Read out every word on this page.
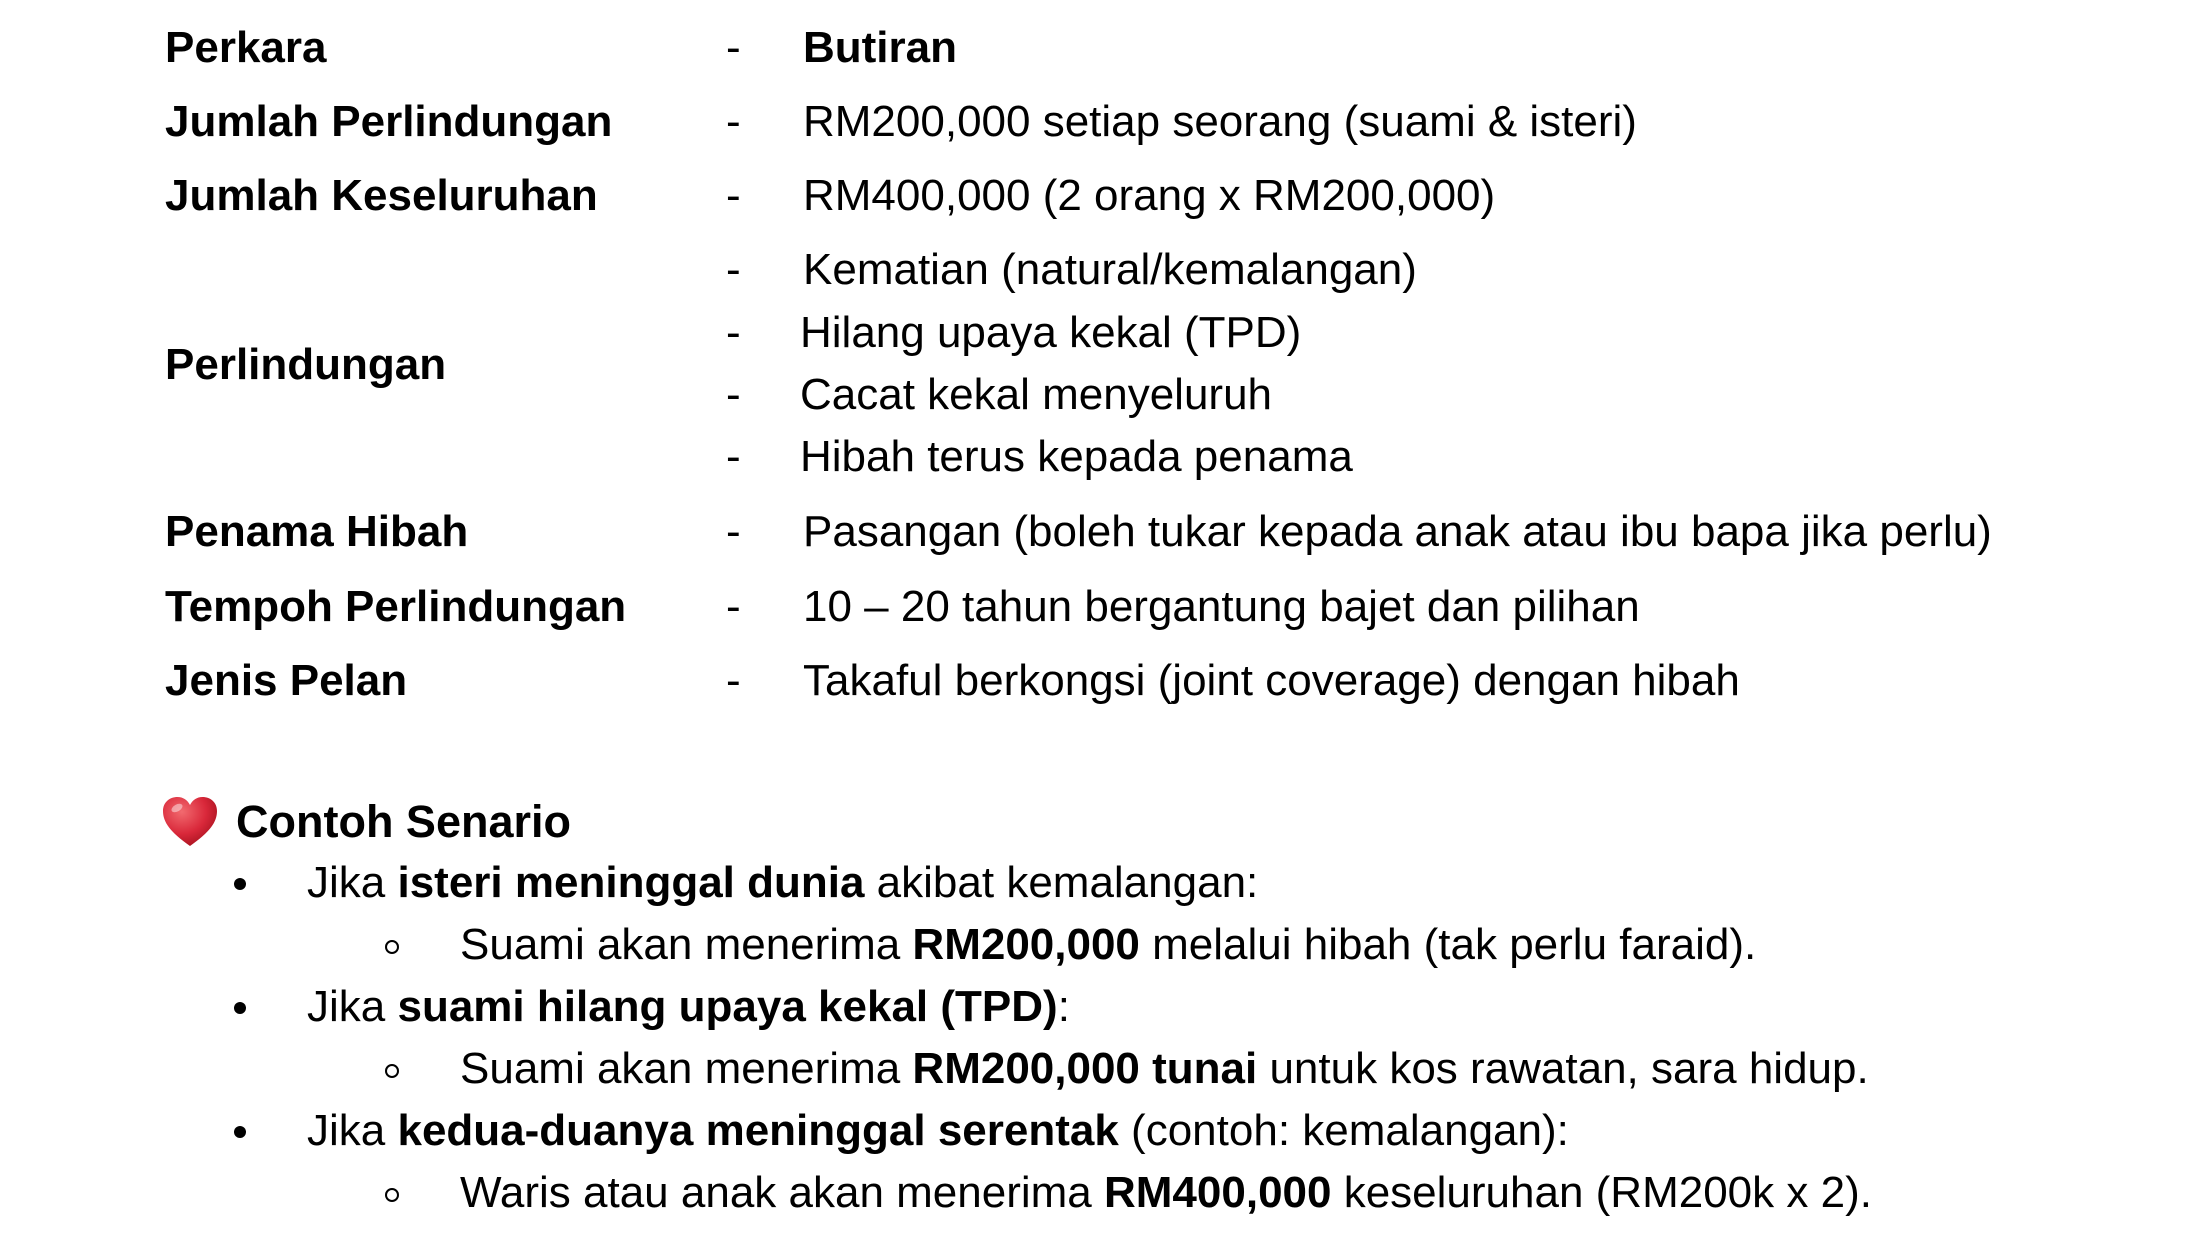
Perkara	- Butiran
Jumlah Perlindungan	- RM200,000 setiap seorang (suami & isteri)
Jumlah Keseluruhan	- RM400,000 (2 orang x RM200,000)
Perlindungan
- Kematian (natural/kemalangan)
- Hilang upaya kekal (TPD)
- Cacat kekal menyeluruh
- Hibah terus kepada penama
Penama Hibah	- Pasangan (boleh tukar kepada anak atau ibu bapa jika perlu)
Tempoh Perlindungan - 10 – 20 tahun bergantung bajet dan pilihan
Jenis Pelan	- Takaful berkongsi (joint coverage) dengan hibah
Contoh Senario
Jika isteri meninggal dunia akibat kemalangan:
Suami akan menerima RM200,000 melalui hibah (tak perlu faraid).
Jika suami hilang upaya kekal (TPD):
Suami akan menerima RM200,000 tunai untuk kos rawatan, sara hidup.
Jika kedua-duanya meninggal serentak (contoh: kemalangan):
Waris atau anak akan menerima RM400,000 keseluruhan (RM200k x 2).
